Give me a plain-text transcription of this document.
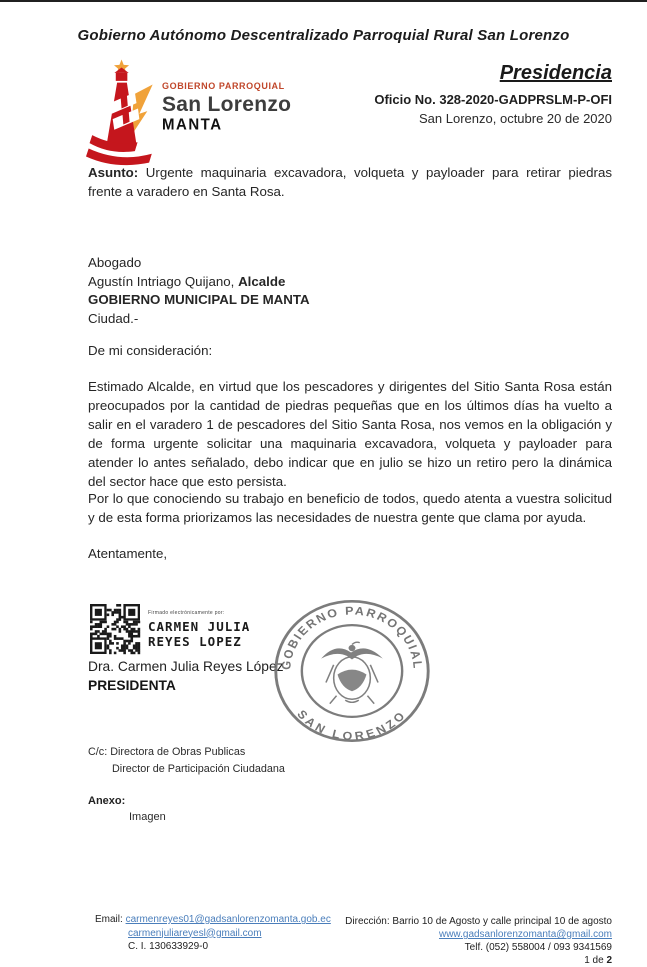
Gobierno Autónomo Descentralizado Parroquial Rural San Lorenzo
GOBIERNO PARROQUIAL
San Lorenzo
MANTA
Presidencia
Oficio No. 328-2020-GADPRSLM-P-OFI
San Lorenzo, octubre 20 de 2020
Asunto: Urgente maquinaria excavadora, volqueta y payloader para retirar piedras frente a varadero en Santa Rosa.
Abogado
Agustín Intriago Quijano, Alcalde
GOBIERNO MUNICIPAL DE MANTA
Ciudad.-
De mi consideración:
Estimado Alcalde, en virtud que los pescadores y dirigentes del Sitio Santa Rosa están preocupados por la cantidad de piedras pequeñas que en los últimos días ha vuelto a salir en el varadero 1 de pescadores del Sitio Santa Rosa, nos vemos en la obligación y de forma urgente solicitar una maquinaria excavadora, volqueta y payloader para atender lo antes señalado, debo indicar que en julio se hizo un retiro pero la dinámica del sector hace que esto persista.
Por lo que conociendo su trabajo en beneficio de todos, quedo atenta a vuestra solicitud y de esta forma priorizamos las necesidades de nuestra gente que clama por ayuda.
Atentamente,
Firmado electrónicamente por:
CARMEN JULIA
REYES LOPEZ
Dra. Carmen Julia Reyes López
PRESIDENTA
GOBIERNO PARROQUIAL
SAN LORENZO
C/c: Directora de Obras Publicas
Director de Participación Ciudadana
Anexo:
Imagen
Email: carmenreyes01@gadsanlorenzomanta.gob.ec
carmenjuliareyesl@gmail.com
C. I. 130633929-0
Dirección: Barrio 10 de Agosto y calle principal 10 de agosto
www.gadsanlorenzomanta@gmail.com
Telf. (052) 558004 / 093 9341569
1 de 2
